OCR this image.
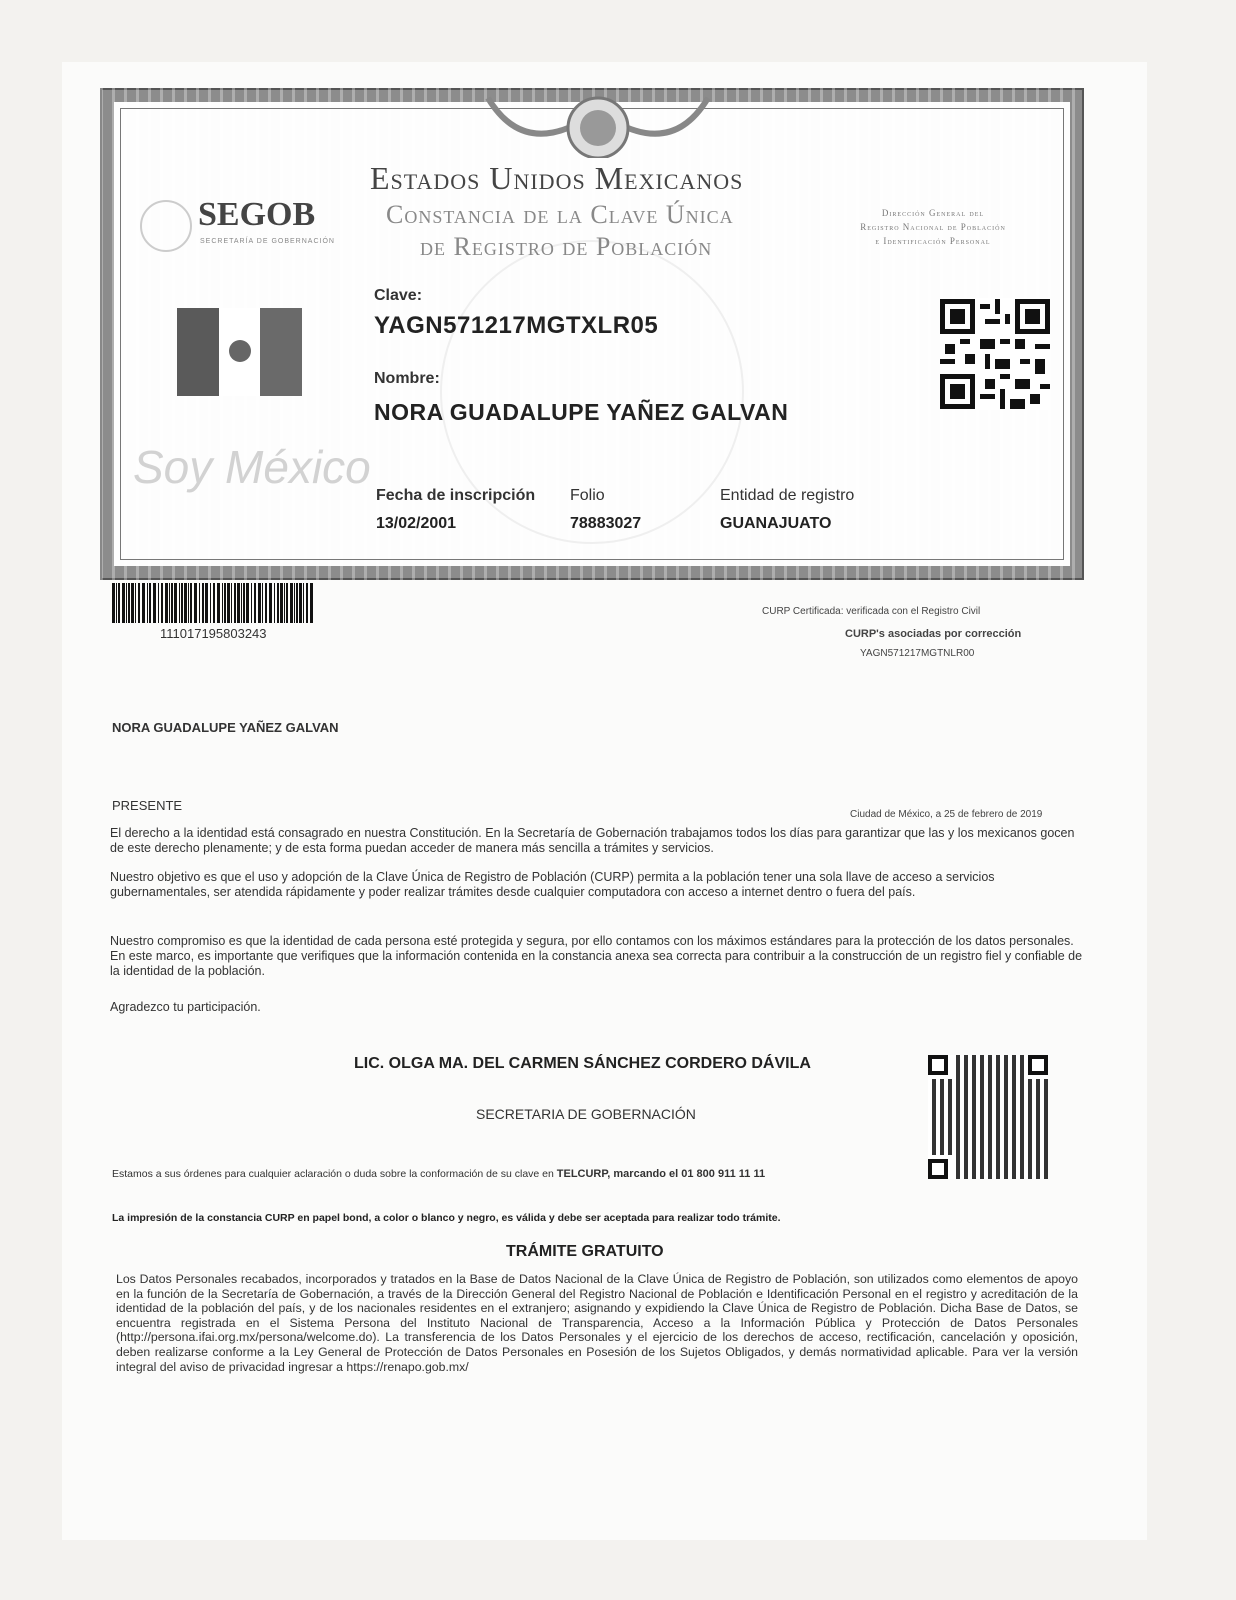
SEGOB
SECRETARÍA DE GOBERNACIÓN
Estados Unidos Mexicanos
Constancia de la Clave Única
de Registro de Población
Dirección General del
Registro Nacional de Población
e Identificación Personal
Soy México
Clave:
YAGN571217MGTXLR05
Nombre:
NORA GUADALUPE YAÑEZ GALVAN
Fecha de inscripción
13/02/2001
Folio
78883027
Entidad de registro
GUANAJUATO
111017195803243
CURP Certificada: verificada con el Registro Civil
CURP's asociadas por corrección
YAGN571217MGTNLR00
NORA GUADALUPE YAÑEZ GALVAN
PRESENTE
Ciudad de México, a 25 de febrero de 2019
El derecho a la identidad está consagrado en nuestra Constitución. En la Secretaría de Gobernación trabajamos todos los días para garantizar que las y los mexicanos gocen de este derecho plenamente; y de esta forma puedan acceder de manera más sencilla a trámites y servicios.
Nuestro objetivo es que el uso y adopción de la Clave Única de Registro de Población (CURP) permita a la población tener una sola llave de acceso a servicios gubernamentales, ser atendida rápidamente y poder realizar trámites desde cualquier computadora con acceso a internet dentro o fuera del país.
Nuestro compromiso es que la identidad de cada persona esté protegida y segura, por ello contamos con los máximos estándares para la protección de los datos personales. En este marco, es importante que verifiques que la información contenida en la constancia anexa sea correcta para contribuir a la construcción de un registro fiel y confiable de la identidad de la población.
Agradezco tu participación.
LIC. OLGA MA. DEL CARMEN SÁNCHEZ CORDERO DÁVILA
SECRETARIA DE GOBERNACIÓN
Estamos a sus órdenes para cualquier aclaración o duda sobre la conformación de su clave en TELCURP, marcando el 01 800 911 11 11
La impresión de la constancia CURP en papel bond, a color o blanco y negro, es válida y debe ser aceptada para realizar todo trámite.
TRÁMITE GRATUITO
Los Datos Personales recabados, incorporados y tratados en la Base de Datos Nacional de la Clave Única de Registro de Población, son utilizados como elementos de apoyo en la función de la Secretaría de Gobernación, a través de la Dirección General del Registro Nacional de Población e Identificación Personal en el registro y acreditación de la identidad de la población del país, y de los nacionales residentes en el extranjero; asignando y expidiendo la Clave Única de Registro de Población. Dicha Base de Datos, se encuentra registrada en el Sistema Persona del Instituto Nacional de Transparencia, Acceso a la Información Pública y Protección de Datos Personales (http://persona.ifai.org.mx/persona/welcome.do). La transferencia de los Datos Personales y el ejercicio de los derechos de acceso, rectificación, cancelación y oposición, deben realizarse conforme a la Ley General de Protección de Datos Personales en Posesión de los Sujetos Obligados, y demás normatividad aplicable. Para ver la versión integral del aviso de privacidad ingresar a https://renapo.gob.mx/
